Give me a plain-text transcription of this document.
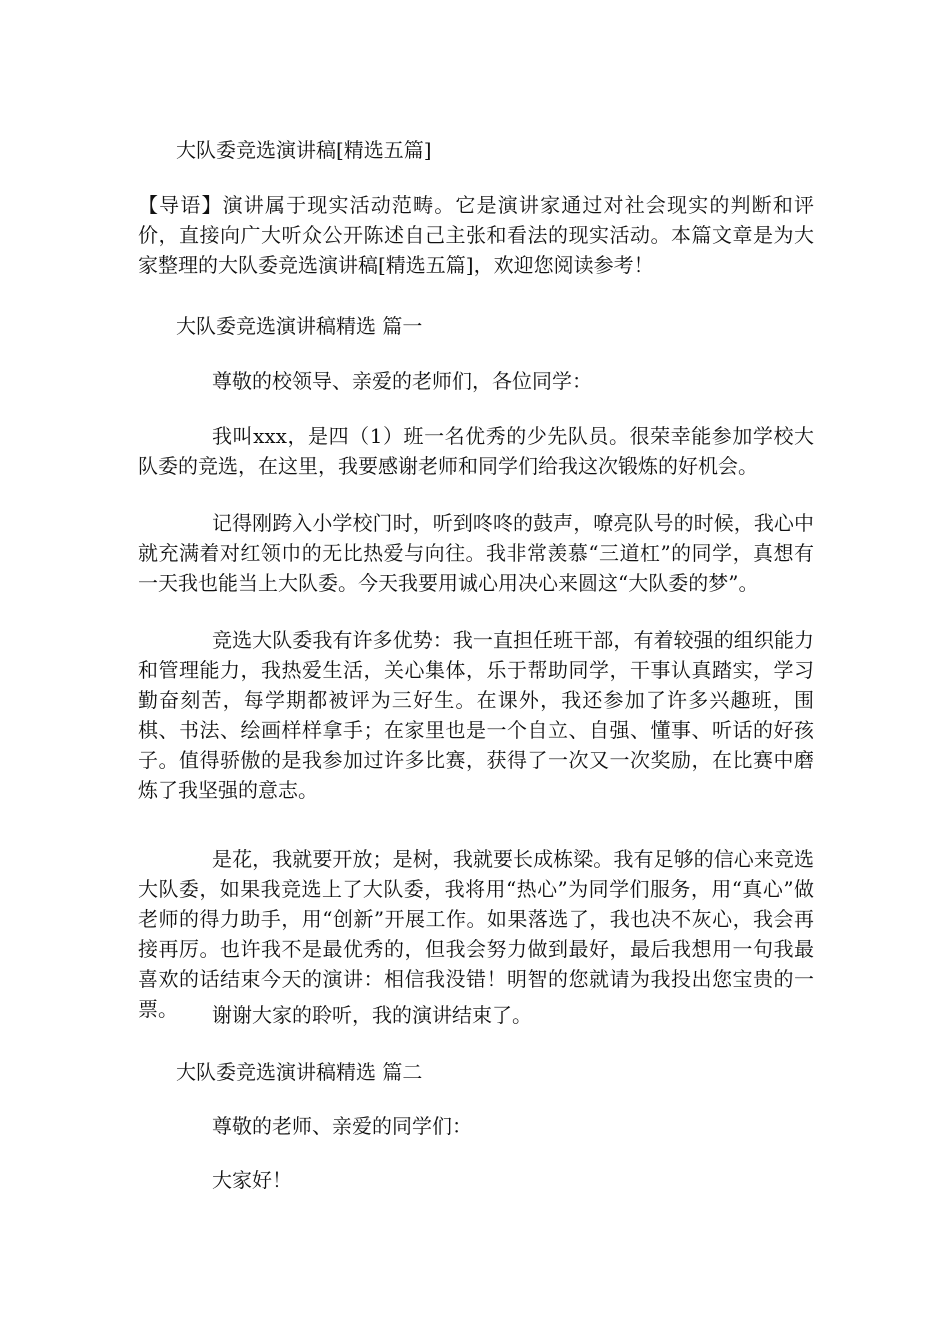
大队委竞选演讲稿[精选五篇]

【导语】演讲属于现实活动范畴。它是演讲家通过对社会现实的判断和评价，直接向广大听众公开陈述自己主张和看法的现实活动。本篇文章是为大家整理的大队委竞选演讲稿[精选五篇]，欢迎您阅读参考！

大队委竞选演讲稿精选 篇一
尊敬的校领导、亲爱的老师们，各位同学：

我叫xxx，是四（1）班一名优秀的少先队员。很荣幸能参加学校大队委的竞选，在这里，我要感谢老师和同学们给我这次锻炼的好机会。

记得刚跨入小学校门时，听到咚咚的鼓声，嘹亮队号的时候，我心中就充满着对红领巾的无比热爱与向往。我非常羡慕“三道杠”的同学，真想有一天我也能当上大队委。今天我要用诚心用决心来圆这“大队委的梦”。

竞选大队委我有许多优势：我一直担任班干部，有着较强的组织能力和管理能力，我热爱生活，关心集体，乐于帮助同学，干事认真踏实，学习勤奋刻苦，每学期都被评为三好生。在课外，我还参加了许多兴趣班，围棋、书法、绘画样样拿手；在家里也是一个自立、自强、懂事、听话的好孩子。值得骄傲的是我参加过许多比赛，获得了一次又一次奖励，在比赛中磨炼了我坚强的意志。

是花，我就要开放；是树，我就要长成栋梁。我有足够的信心来竞选大队委，如果我竞选上了大队委，我将用“热心”为同学们服务，用“真心”做老师的得力助手，用“创新”开展工作。如果落选了，我也决不灰心，我会再接再厉。也许我不是最优秀的，但我会努力做到最好，最后我想用一句我最喜欢的话结束今天的演讲：相信我没错！明智的您就请为我投出您宝贵的一票。	谢谢大家的聆听，我的演讲结束了。
大队委竞选演讲稿精选 篇二
尊敬的老师、亲爱的同学们：
大家好！
